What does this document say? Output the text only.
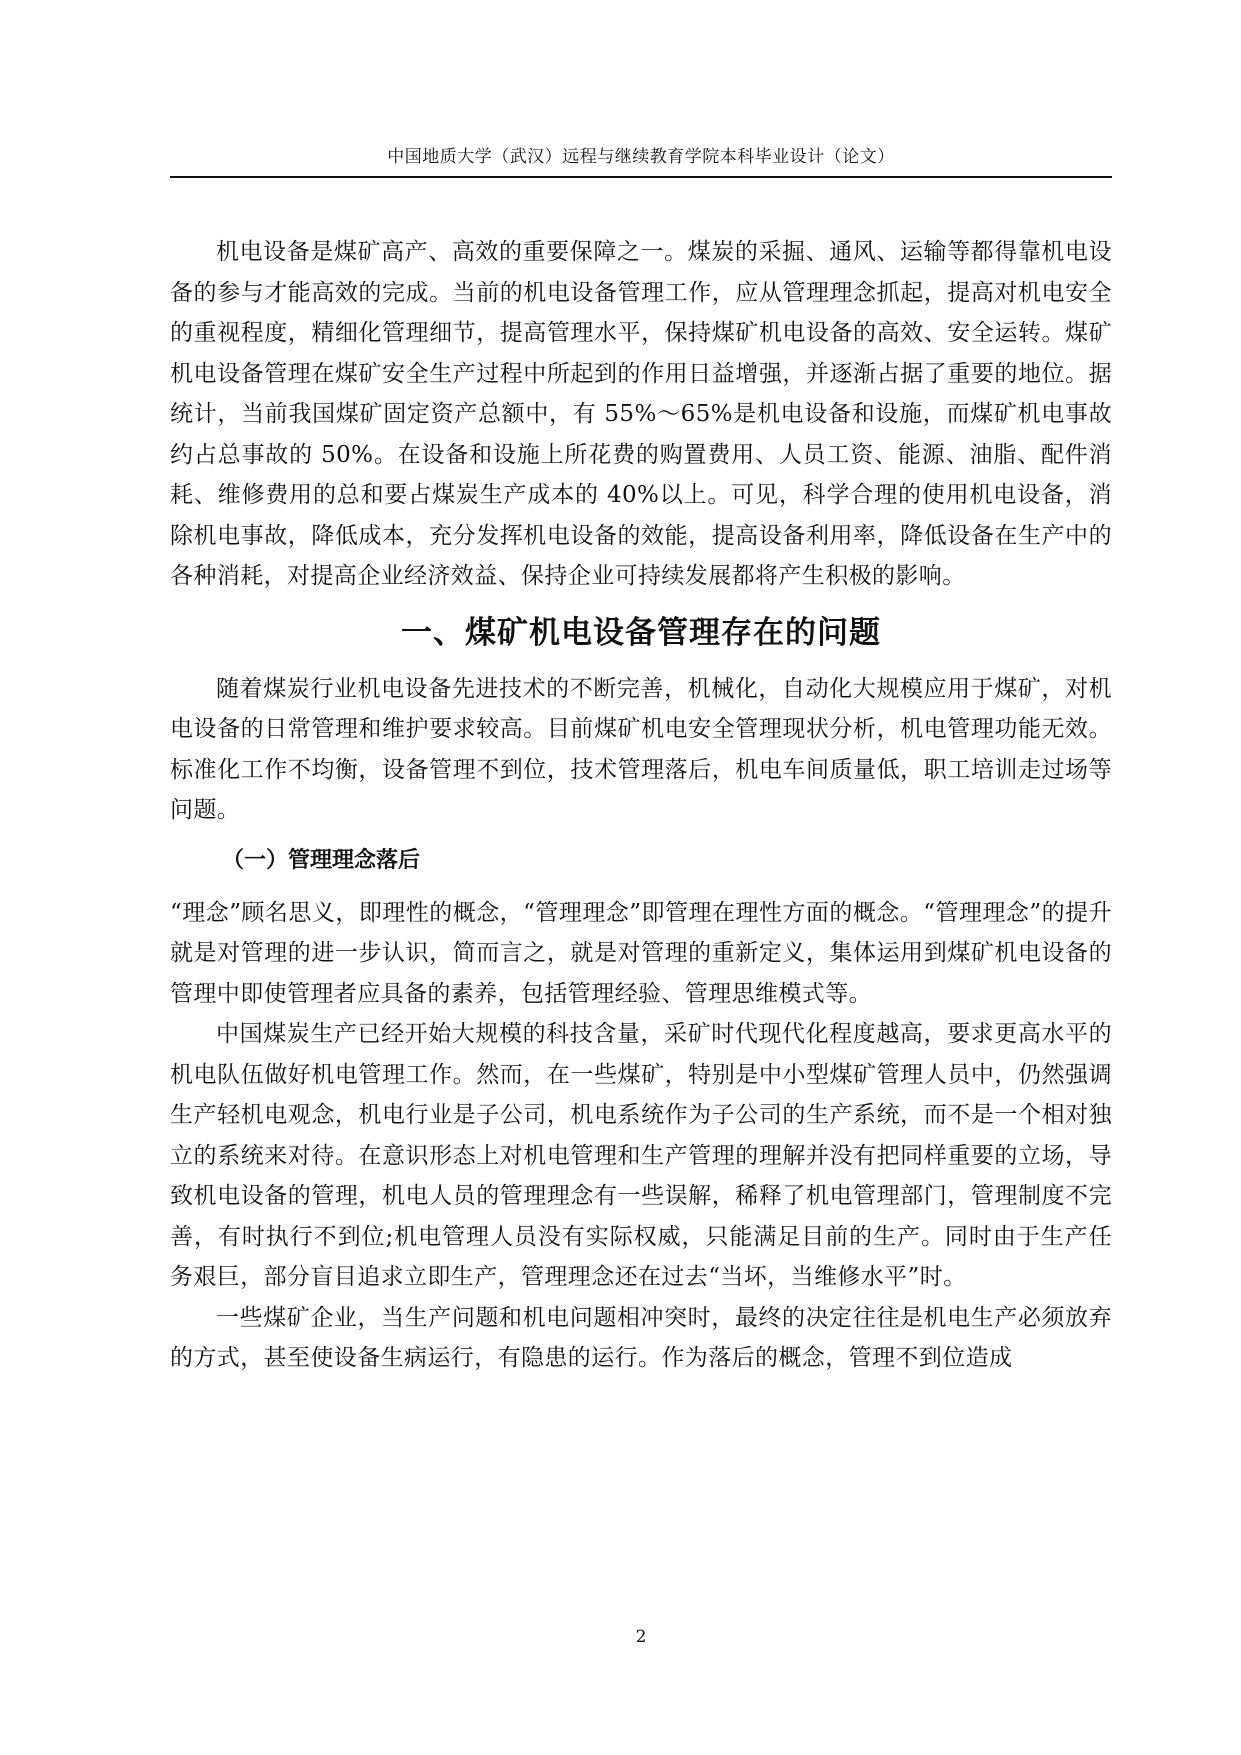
中国地质大学（武汉）远程与继续教育学院本科毕业设计（论文）

机电设备是煤矿高产、高效的重要保障之一。煤炭的采掘、通风、运输等都得靠机电设备的参与才能高效的完成。当前的机电设备管理工作，应从管理理念抓起，提高对机电安全的重视程度，精细化管理细节，提高管理水平，保持煤矿机电设备的高效、安全运转。煤矿机电设备管理在煤矿安全生产过程中所起到的作用日益增强，并逐渐占据了重要的地位。据统计，当前我国煤矿固定资产总额中，有 55%～65%是机电设备和设施，而煤矿机电事故约占总事故的 50%。在设备和设施上所花费的购置费用、人员工资、能源、油脂、配件消耗、维修费用的总和要占煤炭生产成本的 40%以上。可见，科学合理的使用机电设备，消除机电事故，降低成本，充分发挥机电设备的效能，提高设备利用率，降低设备在生产中的各种消耗，对提高企业经济效益、保持企业可持续发展都将产生积极的影响。

一、煤矿机电设备管理存在的问题

随着煤炭行业机电设备先进技术的不断完善，机械化，自动化大规模应用于煤矿，对机电设备的日常管理和维护要求较高。目前煤矿机电安全管理现状分析，机电管理功能无效。标准化工作不均衡，设备管理不到位，技术管理落后，机电车间质量低，职工培训走过场等问题。

（一）管理理念落后

“理念”顾名思义，即理性的概念，“管理理念”即管理在理性方面的概念。“管理理念”的提升就是对管理的进一步认识，简而言之，就是对管理的重新定义，集体运用到煤矿机电设备的管理中即使管理者应具备的素养，包括管理经验、管理思维模式等。

中国煤炭生产已经开始大规模的科技含量，采矿时代现代化程度越高，要求更高水平的机电队伍做好机电管理工作。然而，在一些煤矿，特别是中小型煤矿管理人员中，仍然强调生产轻机电观念，机电行业是子公司，机电系统作为子公司的生产系统，而不是一个相对独立的系统来对待。在意识形态上对机电管理和生产管理的理解并没有把同样重要的立场，导致机电设备的管理，机电人员的管理理念有一些误解，稀释了机电管理部门，管理制度不完善，有时执行不到位;机电管理人员没有实际权威，只能满足目前的生产。同时由于生产任务艰巨，部分盲目追求立即生产，管理理念还在过去“当坏，当维修水平”时。

一些煤矿企业，当生产问题和机电问题相冲突时，最终的决定往往是机电生产必须放弃的方式，甚至使设备生病运行，有隐患的运行。作为落后的概念，管理不到位造成

2
